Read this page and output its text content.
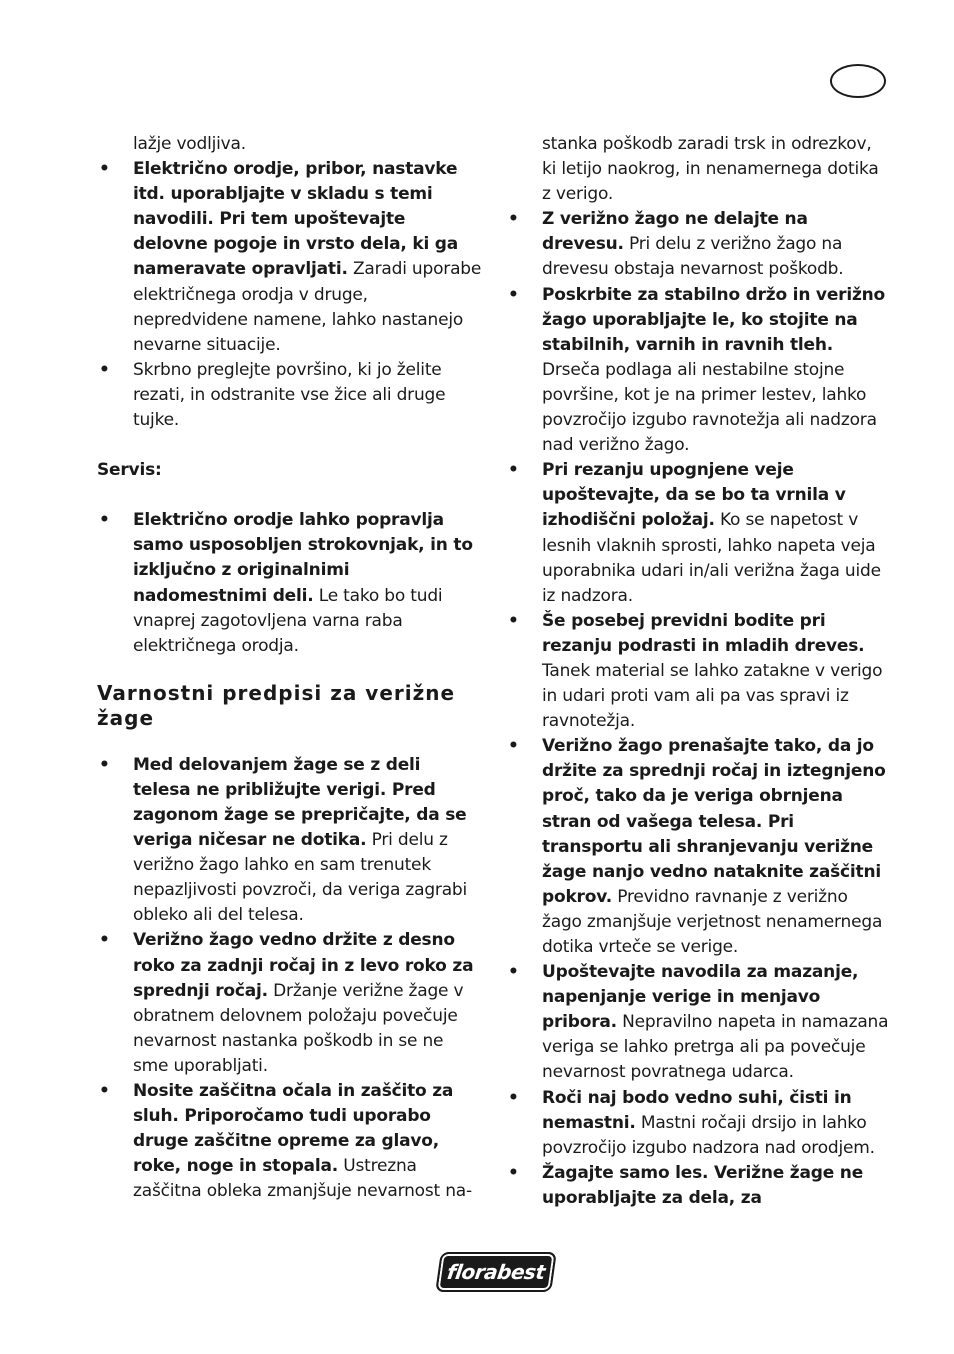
lažje vodljiva.

• Električno orodje, pribor, nastavke itd. uporabljajte v skladu s temi navodili. Pri tem upoštevajte delovne pogoje in vrsto dela, ki ga nameravate opravljati. Zaradi uporabe električnega orodja v druge, nepredvidene namene, lahko nastanejo nevarne situacije.
• Skrbno preglejte površino, ki jo želite rezati, in odstranite vse žice ali druge tujke.

Servis:

• Električno orodje lahko popravlja samo usposobljen strokovnjak, in to izključno z originalnimi nadomestnimi deli. Le tako bo tudi vnaprej zagotovljena varna raba električnega orodja.

Varnostni predpisi za verižne žage

• Med delovanjem žage se z deli telesa ne približujte verigi. Pred zagonom žage se prepričajte, da se veriga ničesar ne dotika. Pri delu z verižno žago lahko en sam trenutek nepazljivosti povzroči, da veriga zagrabi obleko ali del telesa.
• Verižno žago vedno držite z desno roko za zadnji ročaj in z levo roko za sprednji ročaj. Držanje verižne žage v obratnem delovnem položaju povečuje nevarnost nastanka poškodb in se ne sme uporabljati.
• Nosite zaščitna očala in zaščito za sluh. Priporočamo tudi uporabo druge zaščitne opreme za glavo, roke, noge in stopala. Ustrezna zaščitna obleka zmanjšuje nevarnost na-

stanka poškodb zaradi trsk in odrezkov, ki letijo naokrog, in nenamernega dotika z verigo.

• Z verižno žago ne delajte na drevesu. Pri delu z verižno žago na drevesu obstaja nevarnost poškodb.
• Poskrbite za stabilno držo in verižno žago uporabljajte le, ko stojite na stabilnih, varnih in ravnih tleh. Drseča podlaga ali nestabilne stojne površine, kot je na primer lestev, lahko povzročijo izgubo ravnotežja ali nadzora nad verižno žago.
• Pri rezanju upognjene veje upoštevajte, da se bo ta vrnila v izhodiščni položaj. Ko se napetost v lesnih vlaknih sprosti, lahko napeta veja uporabnika udari in/ali verižna žaga uide iz nadzora.
• Še posebej previdni bodite pri rezanju podrasti in mladih dreves. Tanek material se lahko zatakne v verigo in udari proti vam ali pa vas spravi iz ravnotežja.
• Verižno žago prenašajte tako, da jo držite za sprednji ročaj in iztegnjeno proč, tako da je veriga obrnjena stran od vašega telesa. Pri transportu ali shranjevanju verižne žage nanjo vedno nataknite zaščitni pokrov. Previdno ravnanje z verižno žago zmanjšuje verjetnost nenamernega dotika vrteče se verige.
• Upoštevajte navodila za mazanje, napenjanje verige in menjavo pribora. Nepravilno napeta in namazana veriga se lahko pretrga ali pa povečuje nevarnost povratnega udarca.
• Roči naj bodo vedno suhi, čisti in nemastni. Mastni ročaji drsijo in lahko povzročijo izgubo nadzora nad orodjem.
• Žagajte samo les. Verižne žage ne uporabljajte za dela, za
florabest
